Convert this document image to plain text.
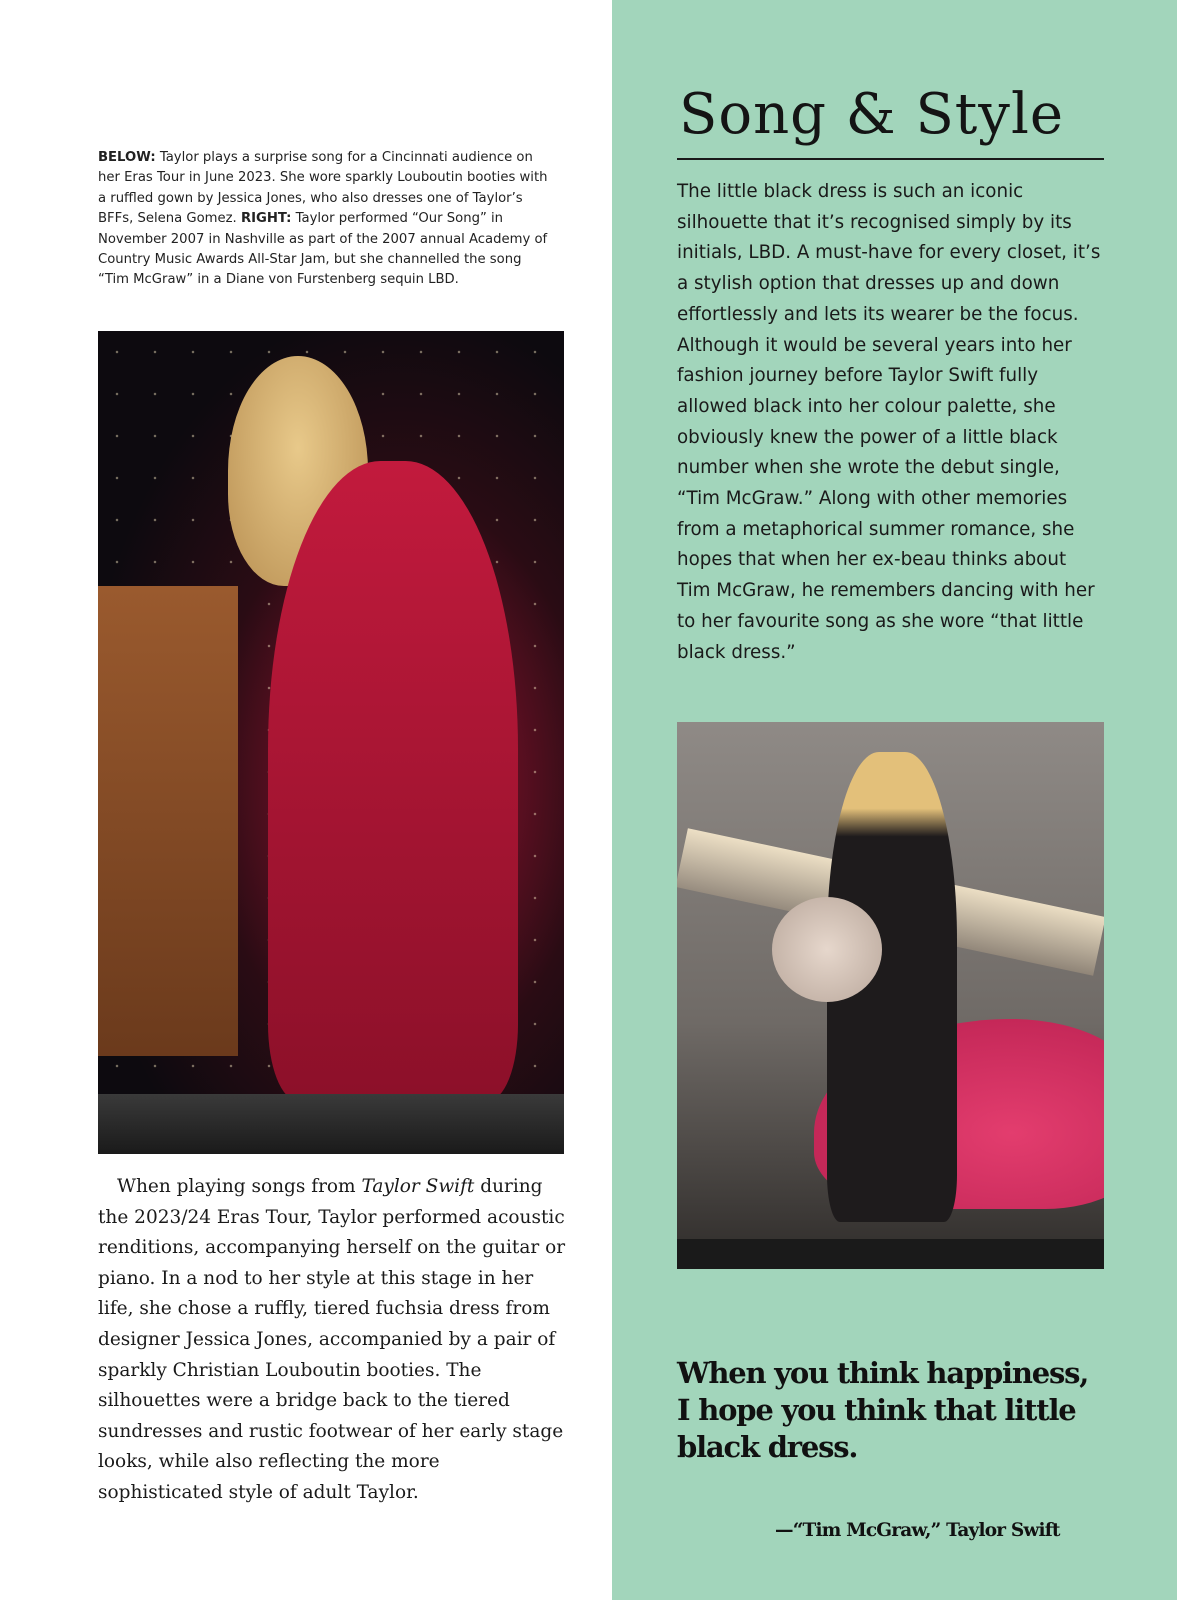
BELOW: Taylor plays a surprise song for a Cincinnati audience on her Eras Tour in June 2023. She wore sparkly Louboutin booties with a ruffled gown by Jessica Jones, who also dresses one of Taylor’s BFFs, Selena Gomez. RIGHT: Taylor performed “Our Song” in November 2007 in Nashville as part of the 2007 annual Academy of Country Music Awards All-Star Jam, but she channelled the song “Tim McGraw” in a Diane von Furstenberg sequin LBD.

When playing songs from Taylor Swift during the 2023/24 Eras Tour, Taylor performed acoustic renditions, accompanying herself on the guitar or piano. In a nod to her style at this stage in her life, she chose a ruffly, tiered fuchsia dress from designer Jessica Jones, accompanied by a pair of sparkly Christian Louboutin booties. The silhouettes were a bridge back to the tiered sundresses and rustic footwear of her early stage looks, while also reflecting the more sophisticated style of adult Taylor.

Song & Style

The little black dress is such an iconic silhouette that it’s recognised simply by its initials, LBD. A must-have for every closet, it’s a stylish option that dresses up and down effortlessly and lets its wearer be the focus. Although it would be several years into her fashion journey before Taylor Swift fully allowed black into her colour palette, she obviously knew the power of a little black number when she wrote the debut single, “Tim McGraw.” Along with other memories from a metaphorical summer romance, she hopes that when her ex-beau thinks about Tim McGraw, he remembers dancing with her to her favourite song as she wore “that little black dress.”

When you think happiness, I hope you think that little black dress.
—“Tim McGraw,” Taylor Swift
